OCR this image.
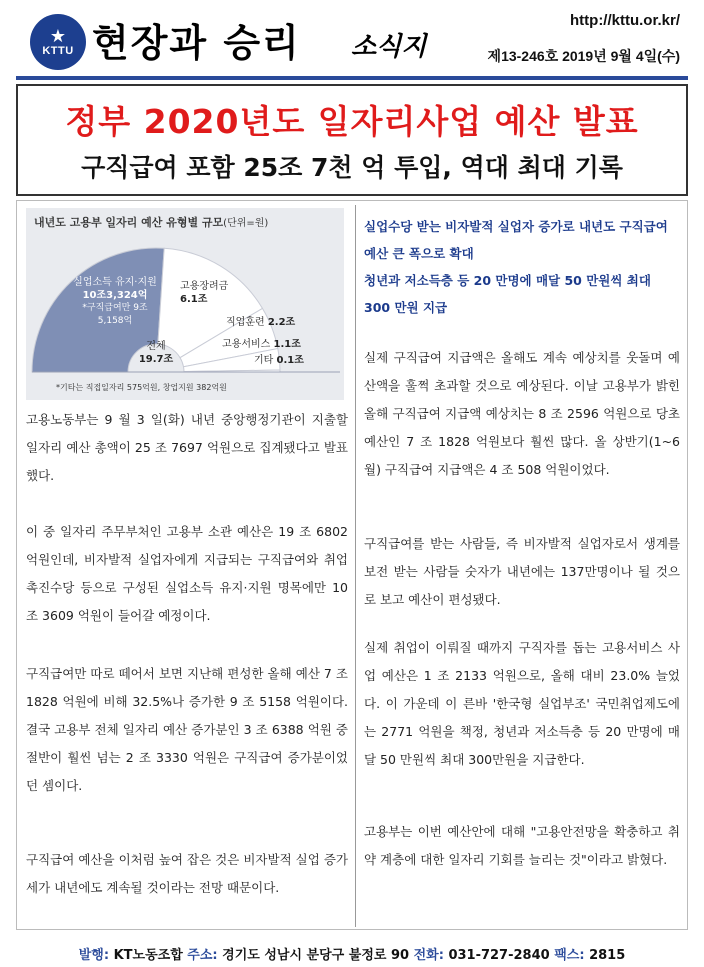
★
KTTU 현장과 승리 소식지
http://kttu.or.kr/
제13-246호 2019년 9월 4일(수)
정부 2020년도 일자리사업 예산 발표
구직급여 포함 25조 7천 억 투입, 역대 최대 기록
내년도 고용부 일자리 예산 유형별 규모(단위=원)
실업소득 유지·지원
10조3,324억
*구직급여만 9조5,158억
고용장려금
6.1조
직업훈련 2.2조
고용서비스 1.1조
기타 0.1조
전체
19.7조
*기타는 직접일자리 575억원, 창업지원 382억원
고용노동부는 9 월 3 일(화) 내년 중앙행정기관이 지출할 일자리 예산 총액이 25 조 7697 억원으로 집계됐다고 발표했다.
이 중 일자리 주무부처인 고용부 소관 예산은 19 조 6802 억원인데, 비자발적 실업자에게 지급되는 구직급여와 취업촉진수당 등으로 구성된 실업소득 유지·지원 명목에만 10 조 3609 억원이 들어갈 예정이다.
구직급여만 따로 떼어서 보면 지난해 편성한 올해 예산 7 조 1828 억원에 비해 32.5%나 증가한 9 조 5158 억원이다. 결국 고용부 전체 일자리 예산 증가분인 3 조 6388 억원 중 절반이 훨씬 넘는 2 조 3330 억원은 구직급여 증가분이었던 셈이다.
구직급여 예산을 이처럼 높여 잡은 것은 비자발적 실업 증가세가 내년에도 계속될 것이라는 전망 때문이다.
실업수당 받는 비자발적 실업자 증가로 내년도 구직급여 예산 큰 폭으로 확대
청년과 저소득층 등 20 만명에 매달 50 만원씩 최대 300 만원 지급
실제 구직급여 지급액은 올해도 계속 예상치를 웃돌며 예산액을 훌쩍 초과할 것으로 예상된다. 이날 고용부가 밝힌 올해 구직급여 지급액 예상치는 8 조 2596 억원으로 당초 예산인 7 조 1828 억원보다 훨씬 많다. 올 상반기(1~6 월) 구직급여 지급액은 4 조 508 억원이었다.
구직급여를 받는 사람들, 즉 비자발적 실업자로서 생계를 보전 받는 사람들 숫자가 내년에는 137만명이나 될 것으로 보고 예산이 편성됐다.
실제 취업이 이뤄질 때까지 구직자를 돕는 고용서비스 사업 예산은 1 조 2133 억원으로, 올해 대비 23.0% 늘었다. 이 가운데 이 른바 '한국형 실업부조' 국민취업제도에는 2771 억원을 책정, 청년과 저소득층 등 20 만명에 매달 50 만원씩 최대 300만원을 지급한다.
고용부는 이번 예산안에 대해 "고용안전망을 확충하고 취약 계층에 대한 일자리 기회를 늘리는 것"이라고 밝혔다.
발행: KT노동조합 주소: 경기도 성남시 분당구 불정로 90 전화: 031-727-2840 팩스: 2815
